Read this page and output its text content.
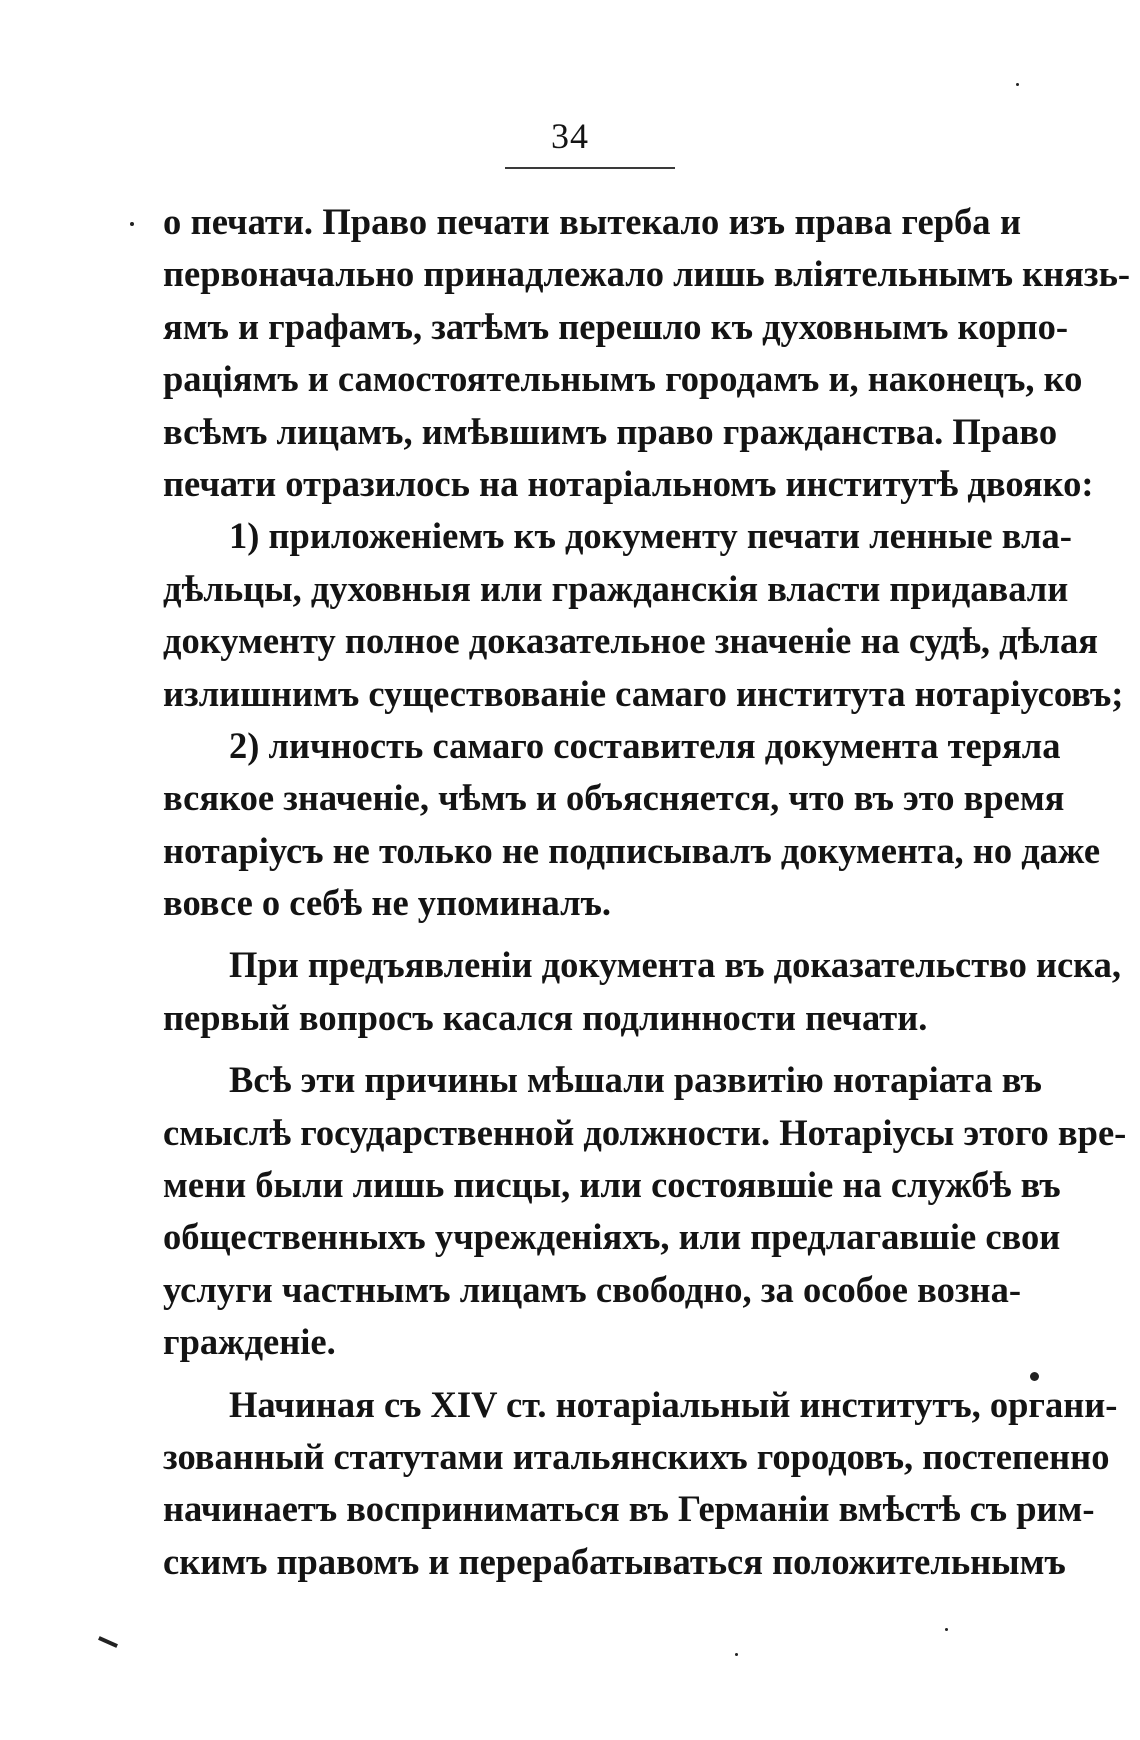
34
о печати. Право печати вытекало изъ права герба и
первоначально принадлежало лишь вліятельнымъ князь-
ямъ и графамъ, затѣмъ перешло къ духовнымъ корпо-
раціямъ и самостоятельнымъ городамъ и, наконецъ, ко
всѣмъ лицамъ, имѣвшимъ право гражданства. Право
печати отразилось на нотаріальномъ институтѣ двояко:
1) приложеніемъ къ документу печати ленные вла-
дѣльцы, духовныя или гражданскія власти придавали
документу полное доказательное значеніе на судѣ, дѣлая
излишнимъ существованіе самаго института нотаріусовъ;
2) личность самаго составителя документа теряла
всякое значеніе, чѣмъ и объясняется, что въ это время
нотаріусъ не только не подписывалъ документа, но даже
вовсе о себѣ не упоминалъ.
При предъявленіи документа въ доказательство иска,
первый вопросъ касался подлинности печати.
Всѣ эти причины мѣшали развитію нотаріата въ
смыслѣ государственной должности. Нотаріусы этого вре-
мени были лишь писцы, или состоявшіе на службѣ въ
общественныхъ учрежденіяхъ, или предлагавшіе свои
услуги частнымъ лицамъ свободно, за особое возна-
гражденіе.
Начиная съ XIV ст. нотаріальный институтъ, органи-
зованный статутами итальянскихъ городовъ, постепенно
начинаетъ восприниматься въ Германіи вмѣстѣ съ рим-
скимъ правомъ и перерабатываться положительнымъ
